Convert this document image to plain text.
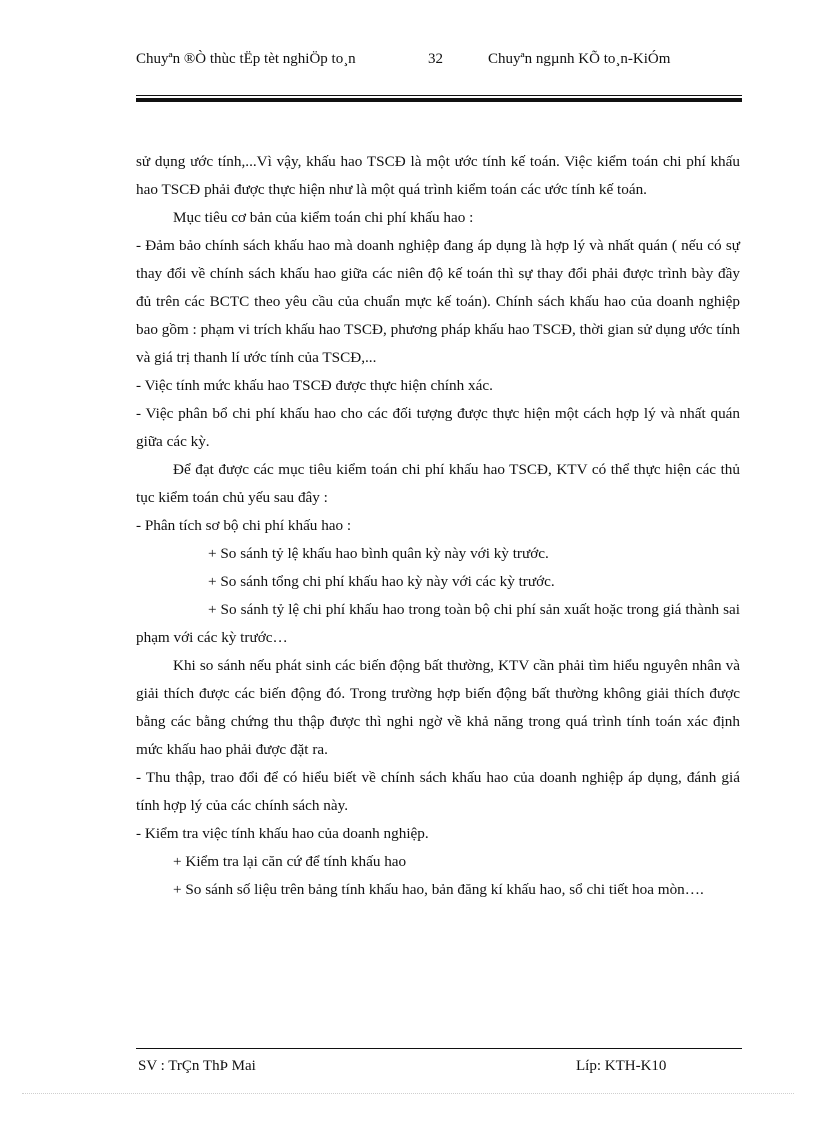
Chuyªn ®Ò thùc tËp tèt nghiÖp to¸n	32	Chuyªn ngµnh KÕ to¸n-KiÓm

sử dụng ước tính,...Vì vậy, khấu hao TSCĐ là một ước tính kế toán. Việc kiểm toán chi phí khấu hao TSCĐ phải được thực hiện như là một quá trình kiểm toán các ước tính kế toán.

Mục tiêu cơ bản của kiểm toán chi phí khấu hao :

- Đảm bảo chính sách khấu hao mà doanh nghiệp đang áp dụng là hợp lý và nhất quán ( nếu có sự thay đổi về chính sách khấu hao giữa các niên độ kế toán thì sự thay đổi phải được trình bày đầy đủ trên các BCTC theo yêu cầu của chuẩn mực kế toán). Chính sách khấu hao của doanh nghiệp bao gồm : phạm vi trích khấu hao TSCĐ, phương pháp khấu hao TSCĐ, thời gian sử dụng ước tính và giá trị thanh lí ước tính của TSCĐ,...

- Việc tính mức khấu hao TSCĐ được thực hiện chính xác.

- Việc phân bổ chi phí khấu hao cho các đối tượng được thực hiện một cách hợp lý và nhất quán giữa các kỳ.

Để đạt được các mục tiêu kiểm toán chi phí khấu hao TSCĐ, KTV có thể thực hiện các thủ tục kiểm toán chủ yếu sau đây :

- Phân tích sơ bộ chi phí khấu hao :

+ So sánh tỷ lệ khấu hao bình quân kỳ này với kỳ trước.

+ So sánh tổng chi phí khấu hao kỳ này với các kỳ trước.

+ So sánh tỷ lệ chi phí khấu hao trong toàn bộ chi phí sản xuất hoặc trong giá thành sai phạm với các kỳ trước…

Khi so sánh nếu phát sinh các biến động bất thường, KTV cần phải tìm hiểu nguyên nhân và giải thích được các biến động đó. Trong trường hợp biến động bất thường không giải thích được bằng các bằng chứng thu thập được thì nghi ngờ về khả năng trong quá trình tính toán xác định mức khấu hao phải được đặt ra.

- Thu thập, trao đổi để có hiểu biết về chính sách khấu hao của doanh nghiệp áp dụng, đánh giá tính hợp lý của các chính sách này.

- Kiểm tra việc tính khấu hao của doanh nghiệp.

+ Kiểm tra lại căn cứ để tính khấu hao

+ So sánh số liệu trên bảng tính khấu hao, bản đăng kí khấu hao, sổ chi tiết hoa mòn….

SV : TrÇn ThÞ Mai	Líp: KTH-K10
